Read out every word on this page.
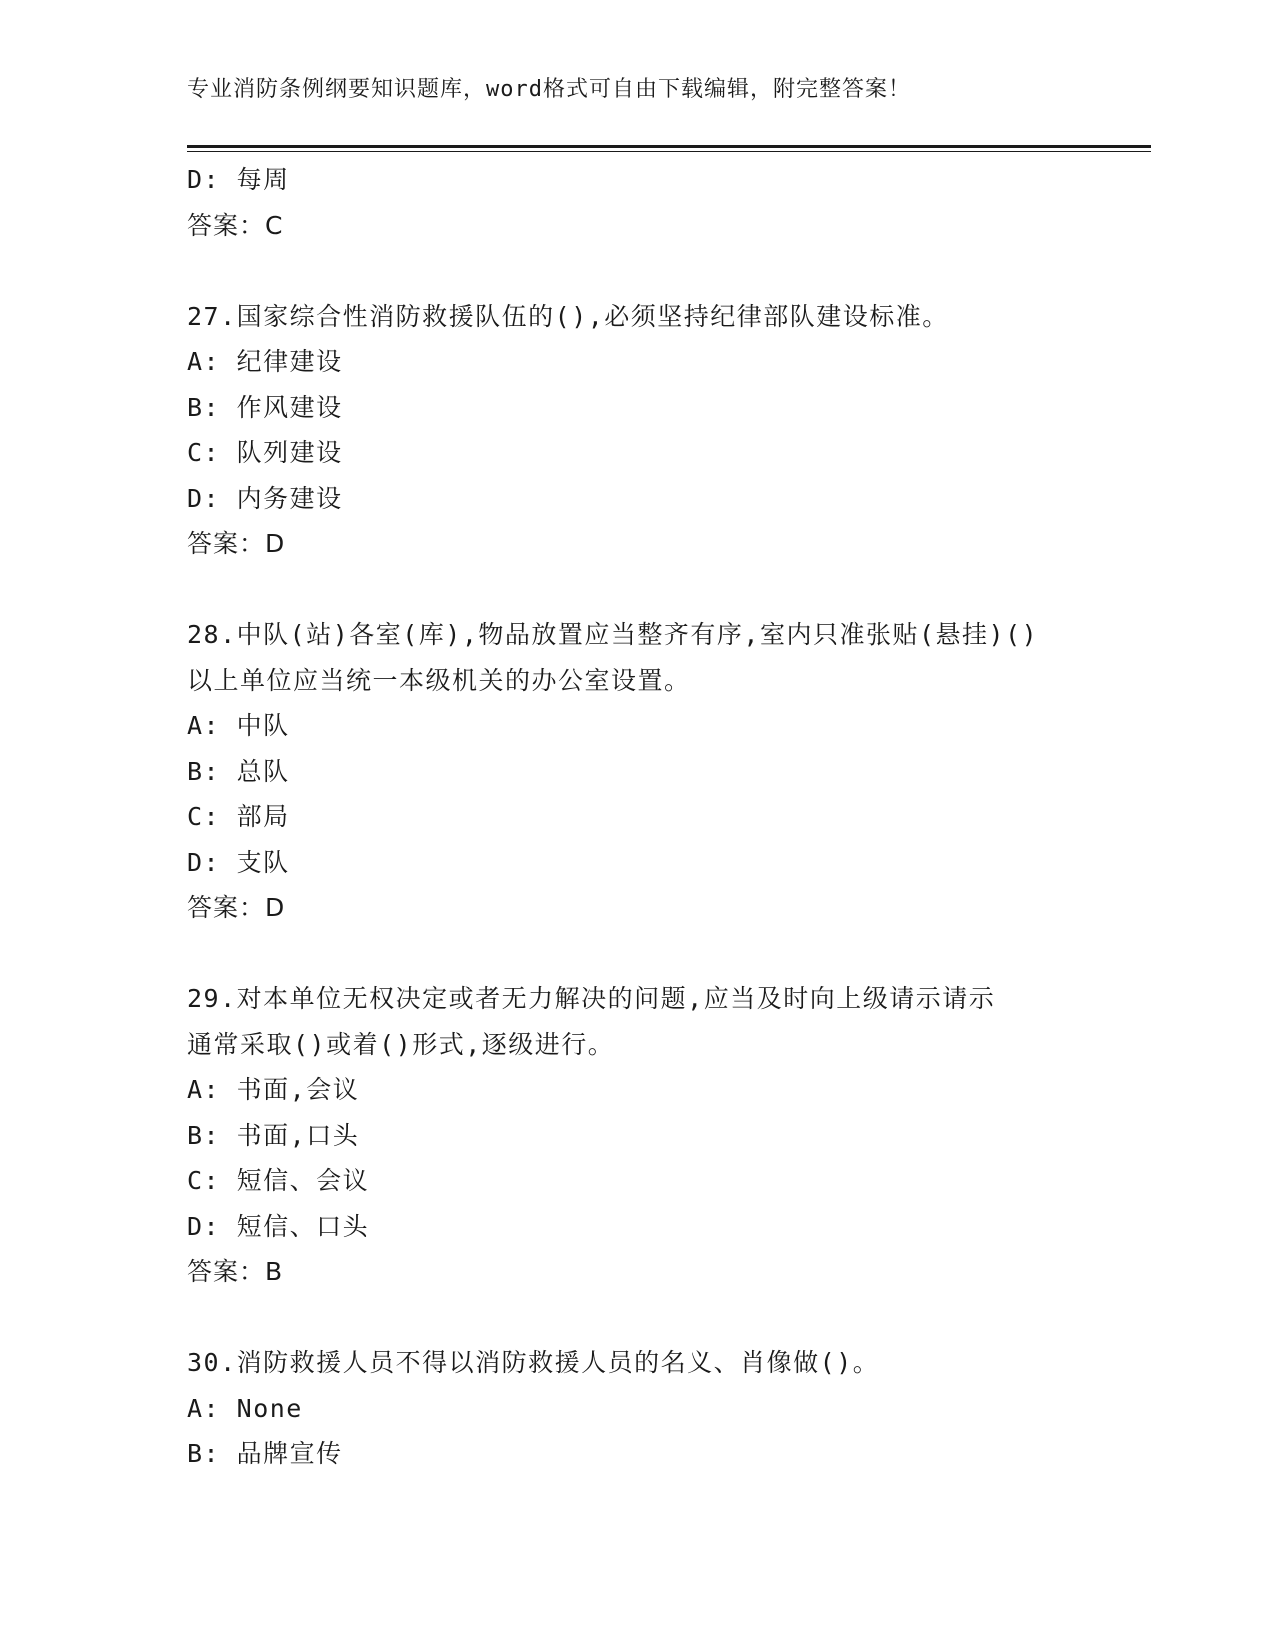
专业消防条例纲要知识题库，word格式可自由下载编辑，附完整答案！
D: 每周
答案：C
27.国家综合性消防救援队伍的(),必须坚持纪律部队建设标准。
A: 纪律建设
B: 作风建设
C: 队列建设
D: 内务建设
答案：D
28.中队(站)各室(库),物品放置应当整齐有序,室内只准张贴(悬挂)()
以上单位应当统一本级机关的办公室设置。
A: 中队
B: 总队
C: 部局
D: 支队
答案：D
29.对本单位无权决定或者无力解决的问题,应当及时向上级请示请示
通常采取()或着()形式,逐级进行。
A: 书面,会议
B: 书面,口头
C: 短信、会议
D: 短信、口头
答案：B
30.消防救援人员不得以消防救援人员的名义、肖像做()。
A: None
B: 品牌宣传
